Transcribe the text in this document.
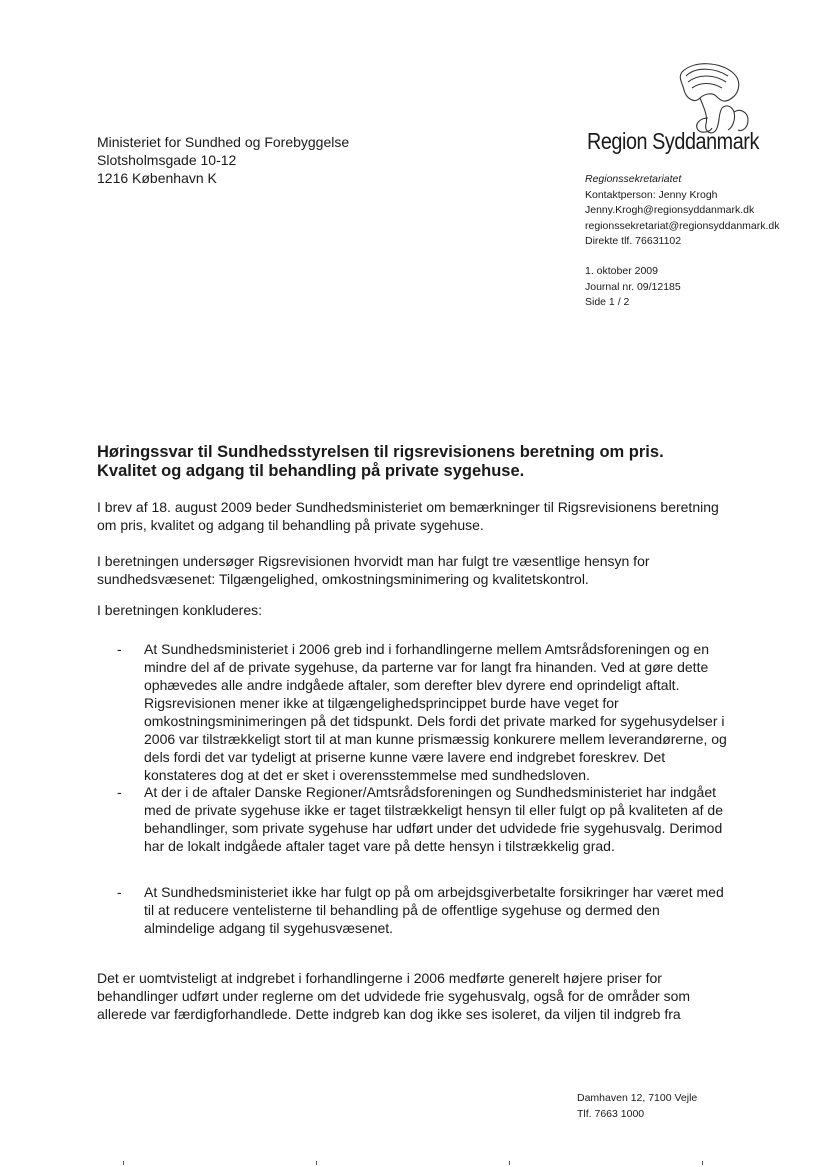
Ministeriet for Sundhed og Forebyggelse
Slotsholmsgade 10-12
1216 København K
Region Syddanmark
Regionssekretariatet
Kontaktperson: Jenny Krogh
Jenny.Krogh@regionsyddanmark.dk
regionssekretariat@regionsyddanmark.dk
Direkte tlf. 76631102
1. oktober 2009
Journal nr. 09/12185
Side 1 / 2
Høringssvar til Sundhedsstyrelsen til rigsrevisionens beretning om pris.
Kvalitet og adgang til behandling på private sygehuse.
I brev af 18. august 2009 beder Sundhedsministeriet om bemærkninger til Rigsrevisionens beretning
om pris, kvalitet og adgang til behandling på private sygehuse.
I beretningen undersøger Rigsrevisionen hvorvidt man har fulgt tre væsentlige hensyn for
sundhedsvæsenet: Tilgængelighed, omkostningsminimering og kvalitetskontrol.
I beretningen konkluderes:
-	At Sundhedsministeriet i 2006 greb ind i forhandlingerne mellem Amtsrådsforeningen og en
mindre del af de private sygehuse, da parterne var for langt fra hinanden. Ved at gøre dette
ophævedes alle andre indgåede aftaler, som derefter blev dyrere end oprindeligt aftalt.
Rigsrevisionen mener ikke at tilgængelighedsprincippet burde have veget for
omkostningsminimeringen på det tidspunkt. Dels fordi det private marked for sygehusydelser i
2006 var tilstrækkeligt stort til at man kunne prismæssig konkurere mellem leverandørerne, og
dels fordi det var tydeligt at priserne kunne være lavere end indgrebet foreskrev. Det
konstateres dog at det er sket i overensstemmelse med sundhedsloven.
-	At der i de aftaler Danske Regioner/Amtsrådsforeningen og Sundhedsministeriet har indgået
med de private sygehuse ikke er taget tilstrækkeligt hensyn til eller fulgt op på kvaliteten af de
behandlinger, som private sygehuse har udført under det udvidede frie sygehusvalg. Derimod
har de lokalt indgåede aftaler taget vare på dette hensyn i tilstrækkelig grad.
-	At Sundhedsministeriet ikke har fulgt op på om arbejdsgiverbetalte forsikringer har været med
til at reducere ventelisterne til behandling på de offentlige sygehuse og dermed den
almindelige adgang til sygehusvæsenet.
Det er uomtvisteligt at indgrebet i forhandlingerne i 2006 medførte generelt højere priser for
behandlinger udført under reglerne om det udvidede frie sygehusvalg, også for de områder som
allerede var færdigforhandlede. Dette indgreb kan dog ikke ses isoleret, da viljen til indgreb fra
Damhaven 12, 7100 Vejle
Tlf. 7663 1000
